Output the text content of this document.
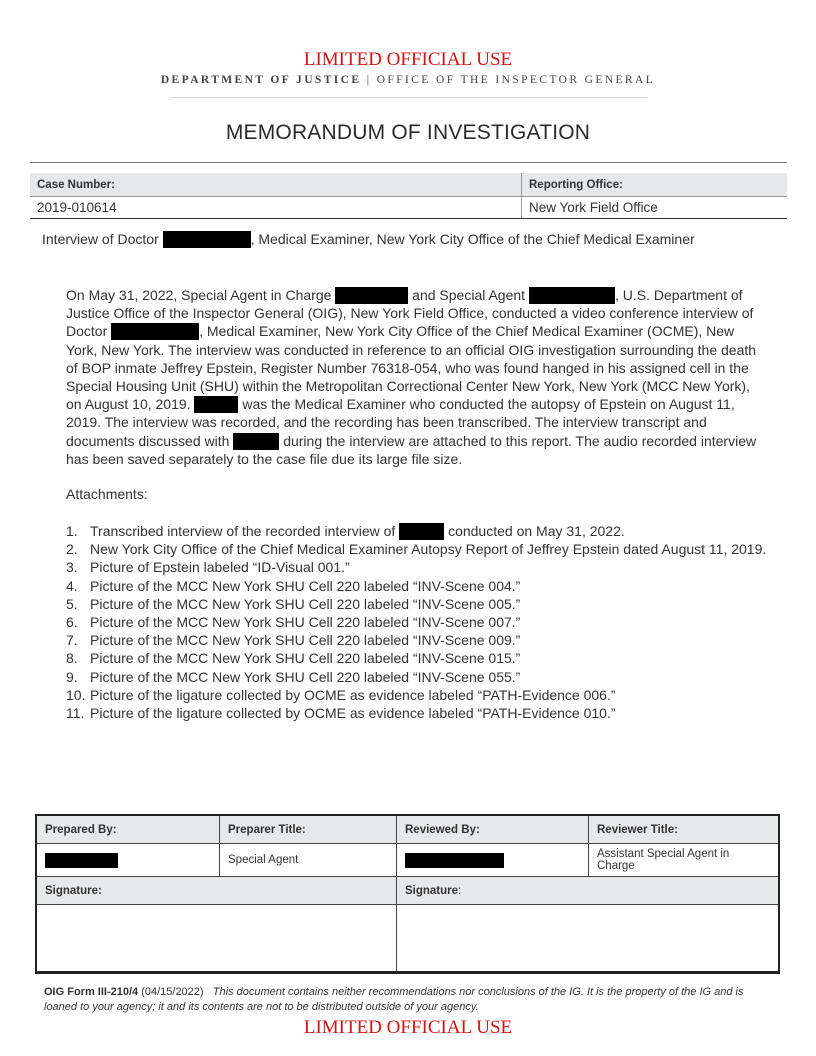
LIMITED OFFICIAL USE
DEPARTMENT OF JUSTICE | OFFICE OF THE INSPECTOR GENERAL
MEMORANDUM OF INVESTIGATION
Case Number:	Reporting Office:
2019-010614	New York Field Office
Interview of Doctor	, Medical Examiner, New York City Office of the Chief Medical Examiner

On May 31, 2022, Special Agent in Charge	and Special Agent	, U.S. Department of Justice Office of the Inspector General (OIG), New York Field Office, conducted a video conference interview of Doctor	, Medical Examiner, New York City Office of the Chief Medical Examiner (OCME), New York, New York. The interview was conducted in reference to an official OIG investigation surrounding the death of BOP inmate Jeffrey Epstein, Register Number 76318-054, who was found hanged in his assigned cell in the Special Housing Unit (SHU) within the Metropolitan Correctional Center New York, New York (MCC New York), on August 10, 2019.	was the Medical Examiner who conducted the autopsy of Epstein on August 11, 2019. The interview was recorded, and the recording has been transcribed. The interview transcript and documents discussed with	during the interview are attached to this report. The audio recorded interview has been saved separately to the case file due its large file size.

Attachments:
1. Transcribed interview of the recorded interview of	conducted on May 31, 2022.
2. New York City Office of the Chief Medical Examiner Autopsy Report of Jeffrey Epstein dated August 11, 2019.
3. Picture of Epstein labeled “ID-Visual 001.”
4. Picture of the MCC New York SHU Cell 220 labeled “INV-Scene 004.”
5. Picture of the MCC New York SHU Cell 220 labeled “INV-Scene 005.”
6. Picture of the MCC New York SHU Cell 220 labeled “INV-Scene 007.”
7. Picture of the MCC New York SHU Cell 220 labeled “INV-Scene 009.”
8. Picture of the MCC New York SHU Cell 220 labeled “INV-Scene 015.”
9. Picture of the MCC New York SHU Cell 220 labeled “INV-Scene 055.”
10. Picture of the ligature collected by OCME as evidence labeled “PATH-Evidence 006.”
11. Picture of the ligature collected by OCME as evidence labeled “PATH-Evidence 010.”
Prepared By:	Preparer Title:	Reviewed By:	Reviewer Title:
	Special Agent		Assistant Special Agent in Charge
Signature:		Signature:	

OIG Form III-210/4 (04/15/2022) This document contains neither recommendations nor conclusions of the IG. It is the property of the IG and is loaned to your agency; it and its contents are not to be distributed outside of your agency.
LIMITED OFFICIAL USE
